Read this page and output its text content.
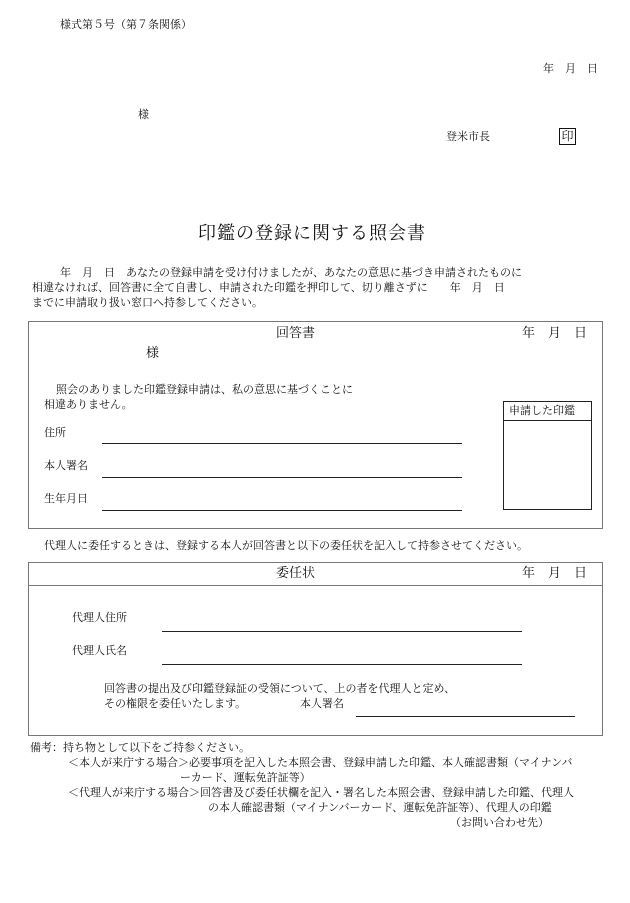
様式第５号（第７条関係）
年　月　日
様
登米市長	印
印鑑の登録に関する照会書
年　月　日　あなたの登録申請を受け付けましたが、あなたの意思に基づき申請されたものに
相違なければ、回答書に全て自書し、申請された印鑑を押印して、切り離さずに　　年　月　日
までに申請取り扱い窓口へ持参してください。
回答書	年　月　日
様
照会のありました印鑑登録申請は、私の意思に基づくことに
相違ありません。
住所
本人署名
生年月日
申請した印鑑
代理人に委任するときは、登録する本人が回答書と以下の委任状を記入して持参させてください。
委任状	年　月　日
代理人住所
代理人氏名
回答書の提出及び印鑑登録証の受領について、上の者を代理人と定め、
その権限を委任いたします。	本人署名
備考：持ち物として以下をご持参ください。
＜本人が来庁する場合＞必要事項を記入した本照会書、登録申請した印鑑、本人確認書類（マイナンバ
ーカード、運転免許証等）
＜代理人が来庁する場合＞回答書及び委任状欄を記入・署名した本照会書、登録申請した印鑑、代理人
の本人確認書類（マイナンバーカード、運転免許証等）、代理人の印鑑
（お問い合わせ先）
